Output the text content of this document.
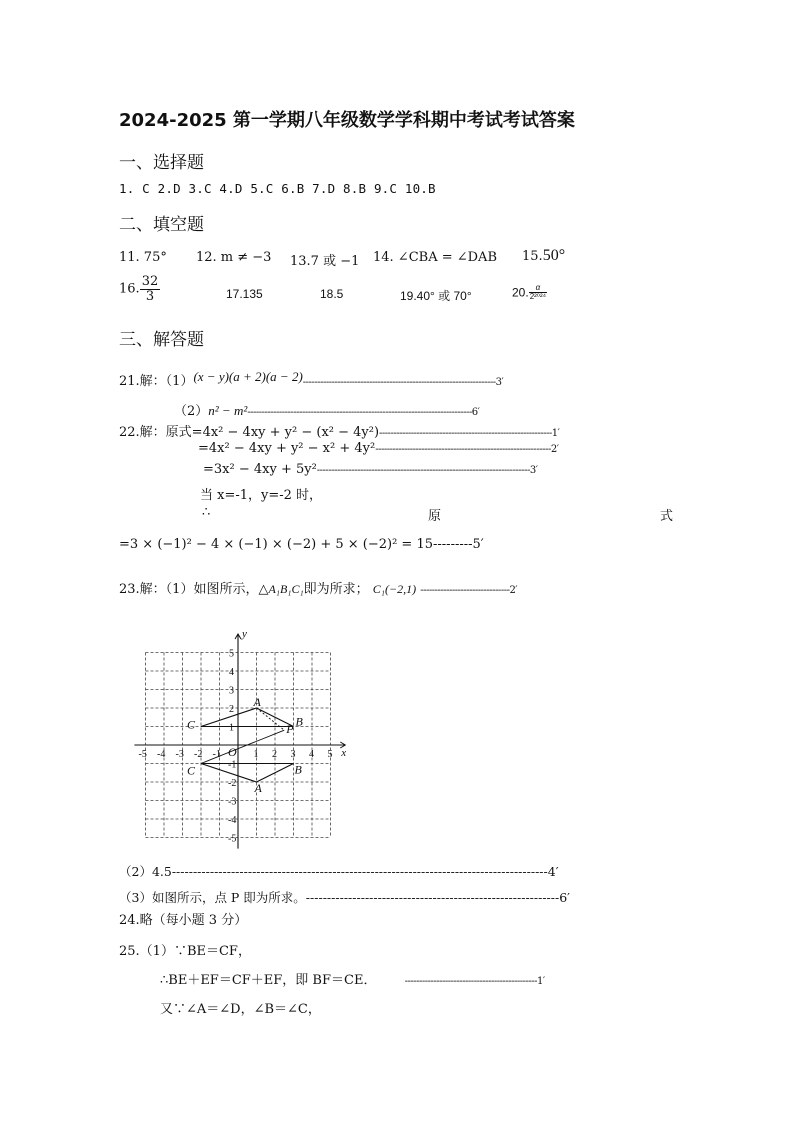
2024-2025 第一学期八年级数学学科期中考试考试答案
一、选择题
1. C 2.D 3.C 4.D 5.C 6.B 7.D 8.B 9.C 10.B
二、填空题
11. 75° 12. m ≠ −3 13.7 或 −1 14. ∠CBA = ∠DAB 15.50°
16. $\frac{32}{3}$	17.135	18.5	19.40° 或 70°	20. $\frac{\alpha}{\text{2²⁰²⁴}}$
三、解答题
21.解：（1）(x − y)(a + 2)(a − 2)-------------------------------------------------------------------3′
（2）n² − m²------------------------------------------------------------------------------6′
22.解：原式=4x² − 4xy + y² − (x² − 4y²)------------------------------------------------------------1′
=4x² − 4xy + y² − x² + 4y²-------------------------------------------------------------2′
=3x² − 4xy + 5y²--------------------------------------------------------------------------3′
当 x=-1，y=-2 时，
∴	原	式
=3 × (−1)² − 4 × (−1) × (−2) + 5 × (−2)² = 15---------5′
23.解：（1）如图所示，△A₁B₁C₁即为所求； C₁(−2,1) -------------------------------2′
-5 -4 -3 -2 -1	1 2 3 4 5
5
4
3
2
1
-1
-2
-3
-4
-5
x
y
O
A
B
C
A
B
C
P
（2）4.5-----------------------------------------------------------------------------------------4′
（3）如图所示，点 P 即为所求。------------------------------------------------------------6′
24.略（每小题 3 分）
25.（1）∵BE＝CF，
∴BE＋EF＝CF＋EF，即 BF＝CE．	----------------------------------------------1′
又∵∠A＝∠D，∠B＝∠C，
